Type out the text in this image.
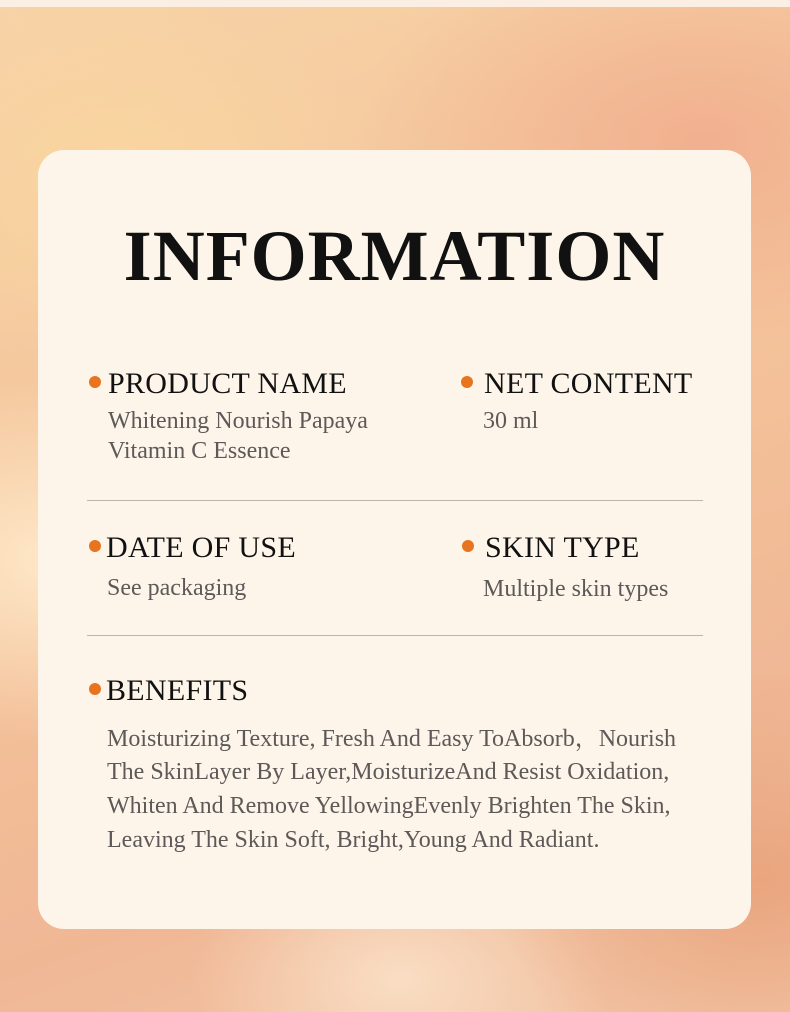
INFORMATION
PRODUCT NAME
Whitening Nourish Papaya
Vitamin C Essence
NET CONTENT
30 ml
DATE OF USE
See packaging
SKIN TYPE
Multiple skin types
BENEFITS
Moisturizing Texture, Fresh And Easy ToAbsorb，Nourish
The SkinLayer By Layer,MoisturizeAnd Resist Oxidation,
Whiten And Remove YellowingEvenly Brighten The Skin,
Leaving The Skin Soft, Bright,Young And Radiant.
